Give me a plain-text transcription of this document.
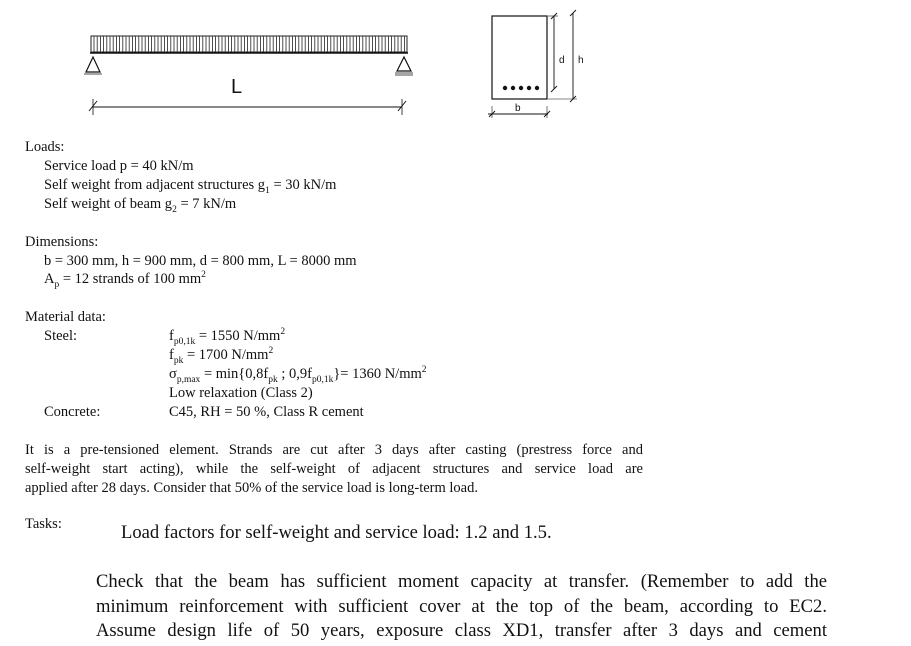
L
d h
b
Loads:
Service load p = 40 kN/m
Self weight from adjacent structures $g_1 = 30$ kN/m
Self weight of beam $g_2 = 7$ kN/m
Dimensions:
b = 300 mm, h = 900 mm, d = 800 mm, L = 8000 mm
$A_p = 12$ strands of 100 $mm^2$
Material data:
Steel:	$f_{p0,1k} = 1550$ $N/mm^2$
$f_{pk} = 1700$ $N/mm^2$
$\sigma_{p,max} = \min\{0,8f_{pk}$ ; $0,9f_{p0,1k}\}= 1360$ $N/mm^2$
Low relaxation (Class 2)
Concrete:	C45, RH = 50 %, Class R cement
It is a pre-tensioned element. Strands are cut after 3 days after casting (prestress force and
self-weight start acting), while the self-weight of adjacent structures and service load are
applied after 28 days. Consider that 50% of the service load is long-term load.
Tasks:	Load factors for self-weight and service load: 1.2 and 1.5.
Check that the beam has sufficient moment capacity at transfer. (Remember to add the
minimum reinforcement with sufficient cover at the top of the beam, according to EC2.
Assume design life of 50 years, exposure class XD1, transfer after 3 days and cement
